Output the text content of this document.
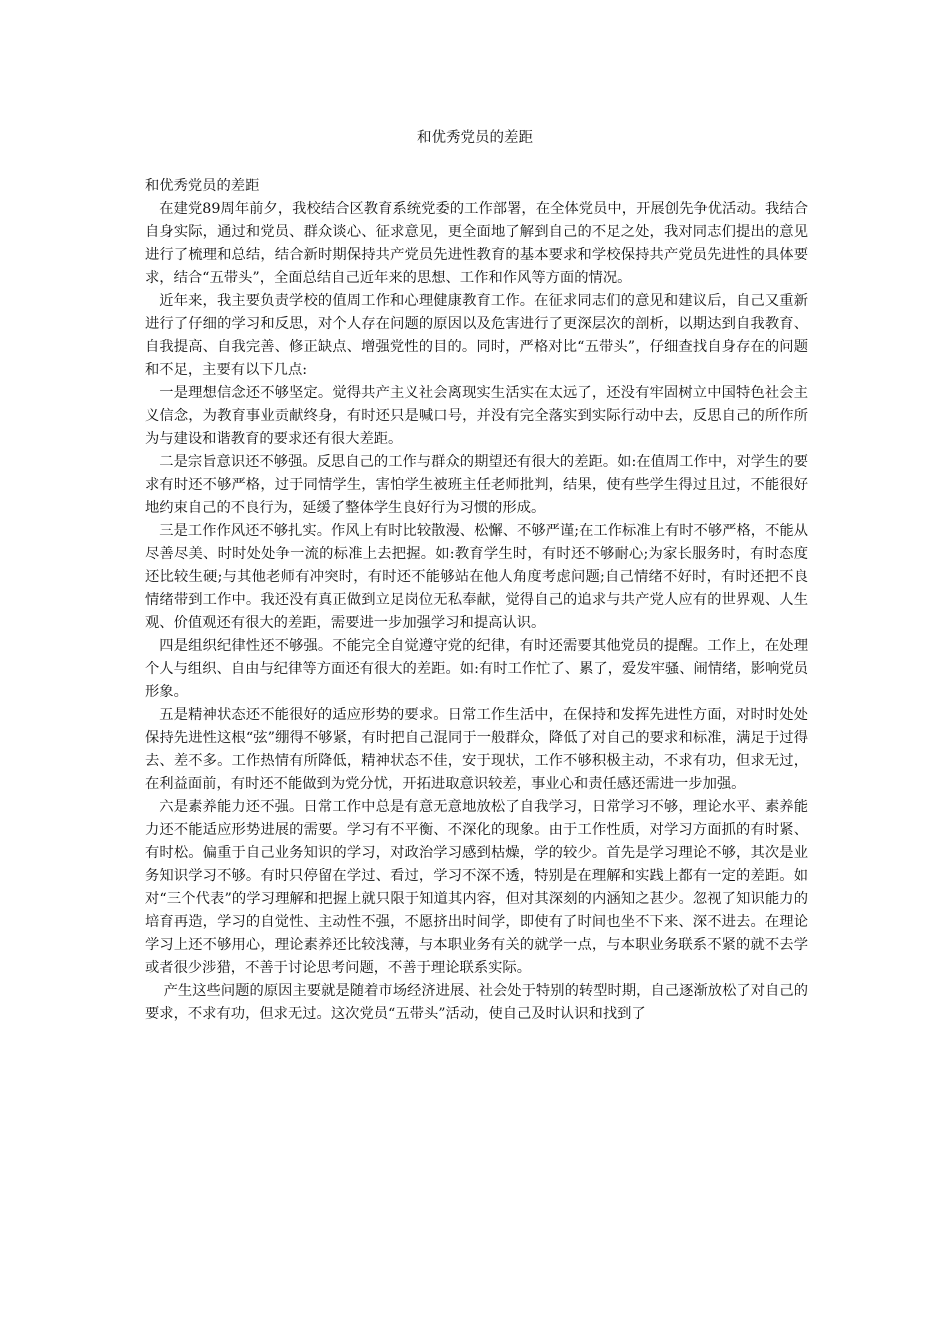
和优秀党员的差距

和优秀党员的差距

在建党89周年前夕，我校结合区教育系统党委的工作部署，在全体党员中，开展创先争优活动。我结合自身实际，通过和党员、群众谈心、征求意见，更全面地了解到自己的不足之处，我对同志们提出的意见进行了梳理和总结，结合新时期保持共产党员先进性教育的基本要求和学校保持共产党员先进性的具体要求，结合“五带头”，全面总结自己近年来的思想、工作和作风等方面的情况。

近年来，我主要负责学校的值周工作和心理健康教育工作。在征求同志们的意见和建议后，自己又重新进行了仔细的学习和反思，对个人存在问题的原因以及危害进行了更深层次的剖析，以期达到自我教育、自我提高、自我完善、修正缺点、增强党性的目的。同时，严格对比“五带头”，仔细查找自身存在的问题和不足，主要有以下几点:

一是理想信念还不够坚定。觉得共产主义社会离现实生活实在太远了，还没有牢固树立中国特色社会主义信念，为教育事业贡献终身，有时还只是喊口号，并没有完全落实到实际行动中去，反思自己的所作所为与建设和谐教育的要求还有很大差距。

二是宗旨意识还不够强。反思自己的工作与群众的期望还有很大的差距。如:在值周工作中，对学生的要求有时还不够严格，过于同情学生，害怕学生被班主任老师批判，结果，使有些学生得过且过，不能很好地约束自己的不良行为，延缓了整体学生良好行为习惯的形成。

三是工作作风还不够扎实。作风上有时比较散漫、松懈、不够严谨;在工作标准上有时不够严格，不能从尽善尽美、时时处处争一流的标准上去把握。如:教育学生时，有时还不够耐心;为家长服务时，有时态度还比较生硬;与其他老师有冲突时，有时还不能够站在他人角度考虑问题;自己情绪不好时，有时还把不良情绪带到工作中。我还没有真正做到立足岗位无私奉献，觉得自己的追求与共产党人应有的世界观、人生观、价值观还有很大的差距，需要进一步加强学习和提高认识。

四是组织纪律性还不够强。不能完全自觉遵守党的纪律，有时还需要其他党员的提醒。工作上，在处理个人与组织、自由与纪律等方面还有很大的差距。如:有时工作忙了、累了，爱发牢骚、闹情绪，影响党员形象。

五是精神状态还不能很好的适应形势的要求。日常工作生活中，在保持和发挥先进性方面，对时时处处保持先进性这根“弦”绷得不够紧，有时把自己混同于一般群众，降低了对自己的要求和标准，满足于过得去、差不多。工作热情有所降低，精神状态不佳，安于现状，工作不够积极主动，不求有功，但求无过，在利益面前，有时还不能做到为党分忧，开拓进取意识较差，事业心和责任感还需进一步加强。

六是素养能力还不强。日常工作中总是有意无意地放松了自我学习，日常学习不够，理论水平、素养能力还不能适应形势进展的需要。学习有不平衡、不深化的现象。由于工作性质，对学习方面抓的有时紧、有时松。偏重于自己业务知识的学习，对政治学习感到枯燥，学的较少。首先是学习理论不够，其次是业务知识学习不够。有时只停留在学过、看过，学习不深不透，特别是在理解和实践上都有一定的差距。如对“三个代表”的学习理解和把握上就只限于知道其内容，但对其深刻的内涵知之甚少。忽视了知识能力的培育再造，学习的自觉性、主动性不强，不愿挤出时间学，即使有了时间也坐不下来、深不进去。在理论学习上还不够用心，理论素养还比较浅薄，与本职业务有关的就学一点，与本职业务联系不紧的就不去学或者很少涉猎，不善于讨论思考问题，不善于理论联系实际。

产生这些问题的原因主要就是随着市场经济进展、社会处于特别的转型时期，自己逐渐放松了对自己的要求，不求有功，但求无过。这次党员“五带头”活动，使自己及时认识和找到了
